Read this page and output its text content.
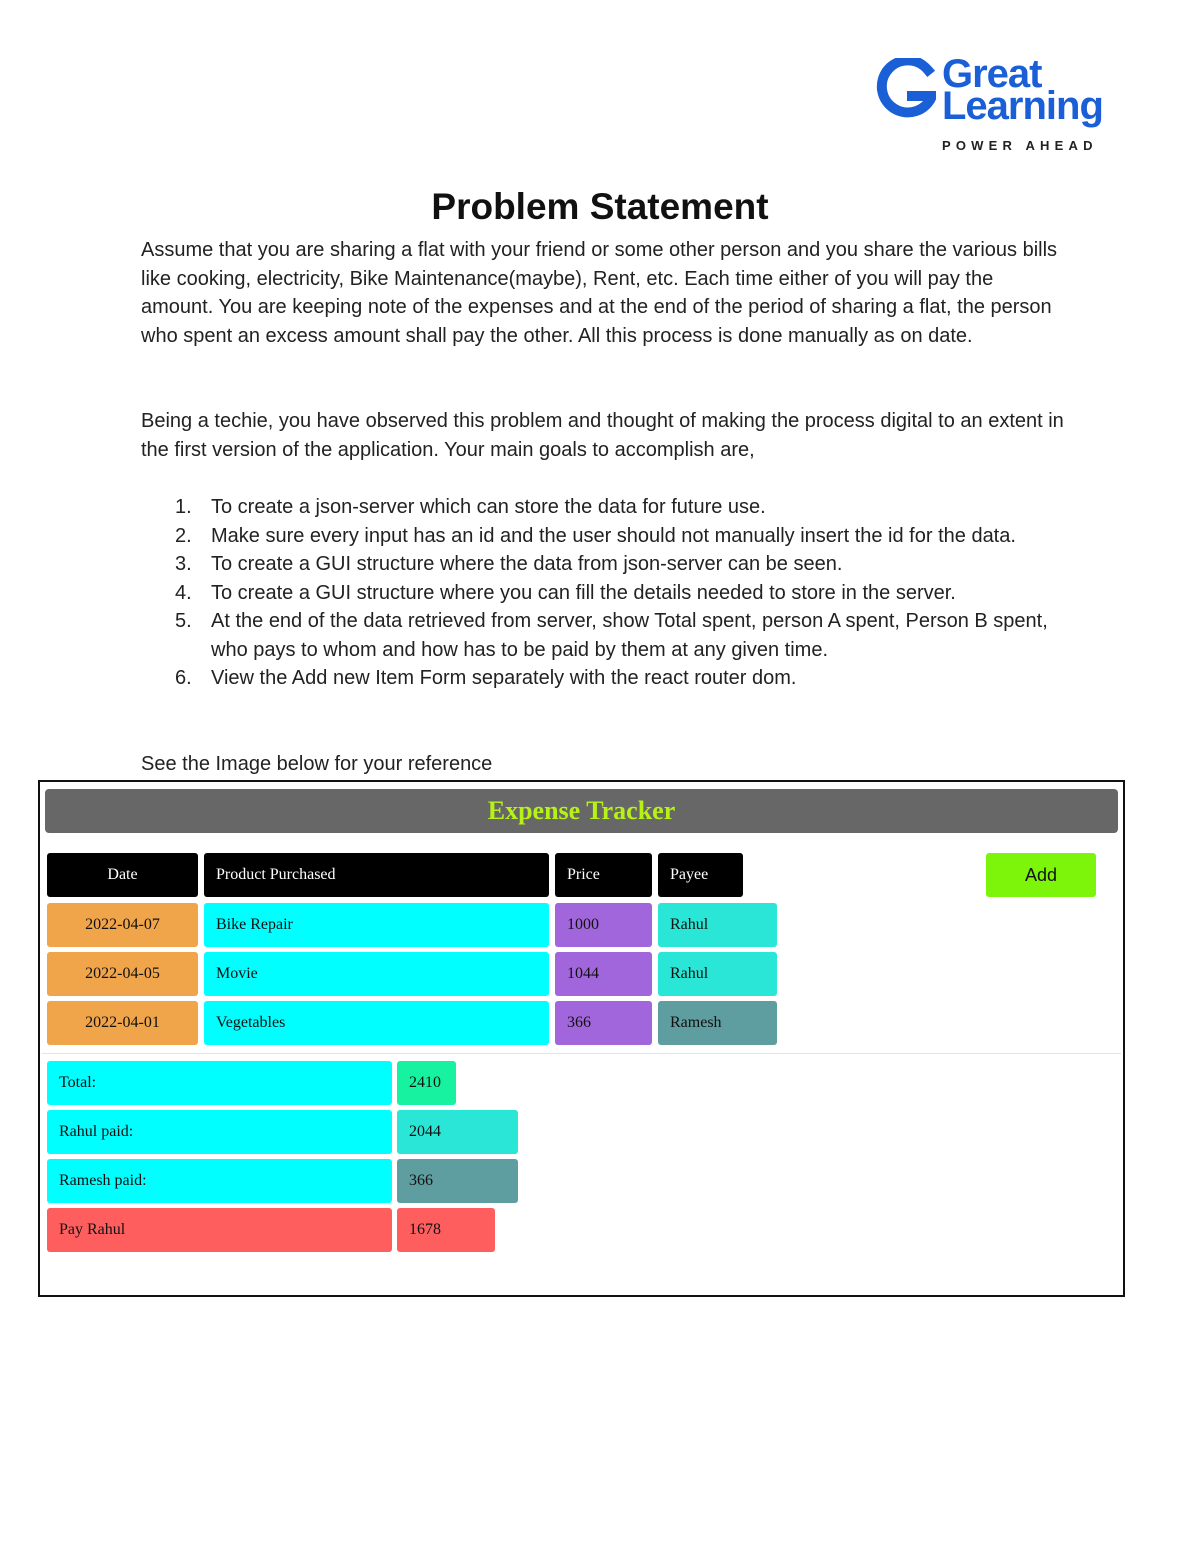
Great
Learning
POWER AHEAD
Problem Statement

Assume that you are sharing a flat with your friend or some other person and you share the various bills like cooking, electricity, Bike Maintenance(maybe), Rent, etc. Each time either of you will pay the amount. You are keeping note of the expenses and at the end of the period of sharing a flat, the person who spent an excess amount shall pay the other. All this process is done manually as on date.

Being a techie, you have observed this problem and thought of making the process digital to an extent in the first version of the application. Your main goals to accomplish are,

1. To create a json-server which can store the data for future use.
2. Make sure every input has an id and the user should not manually insert the id for the data.
3. To create a GUI structure where the data from json-server can be seen.
4. To create a GUI structure where you can fill the details needed to store in the server.
5. At the end of the data retrieved from server, show Total spent, person A spent, Person B spent, who pays to whom and how has to be paid by them at any given time.
6. View the Add new Item Form separately with the react router dom.

See the Image below for your reference

Expense Tracker
Date	Product Purchased	Price	Payee	Add
2022-04-07	Bike Repair	1000	Rahul
2022-04-05	Movie	1044	Rahul
2022-04-01	Vegetables	366	Ramesh
Total:	2410
Rahul paid:	2044
Ramesh paid:	366
Pay Rahul	1678
